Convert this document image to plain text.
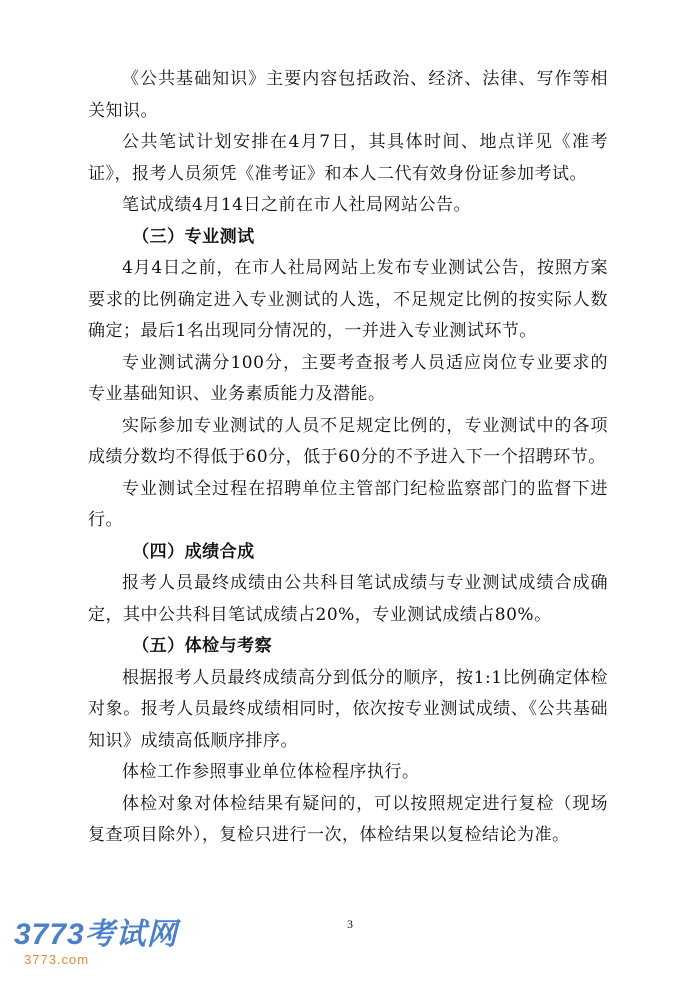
《公共基础知识》主要内容包括政治、经济、法律、写作等相关知识。

公共笔试计划安排在4月7日，其具体时间、地点详见《准考证》，报考人员须凭《准考证》和本人二代有效身份证参加考试。

笔试成绩4月14日之前在市人社局网站公告。

（三）专业测试

4月4日之前，在市人社局网站上发布专业测试公告，按照方案要求的比例确定进入专业测试的人选，不足规定比例的按实际人数确定；最后1名出现同分情况的，一并进入专业测试环节。

专业测试满分100分，主要考查报考人员适应岗位专业要求的专业基础知识、业务素质能力及潜能。

实际参加专业测试的人员不足规定比例的，专业测试中的各项成绩分数均不得低于60分，低于60分的不予进入下一个招聘环节。

专业测试全过程在招聘单位主管部门纪检监察部门的监督下进行。

（四）成绩合成

报考人员最终成绩由公共科目笔试成绩与专业测试成绩合成确定，其中公共科目笔试成绩占20%，专业测试成绩占80%。

（五）体检与考察

根据报考人员最终成绩高分到低分的顺序，按1:1比例确定体检对象。报考人员最终成绩相同时，依次按专业测试成绩、《公共基础知识》成绩高低顺序排序。

体检工作参照事业单位体检程序执行。

体检对象对体检结果有疑问的，可以按照规定进行复检（现场复查项目除外），复检只进行一次，体检结果以复检结论为准。

3
3773考试网
3773.com
